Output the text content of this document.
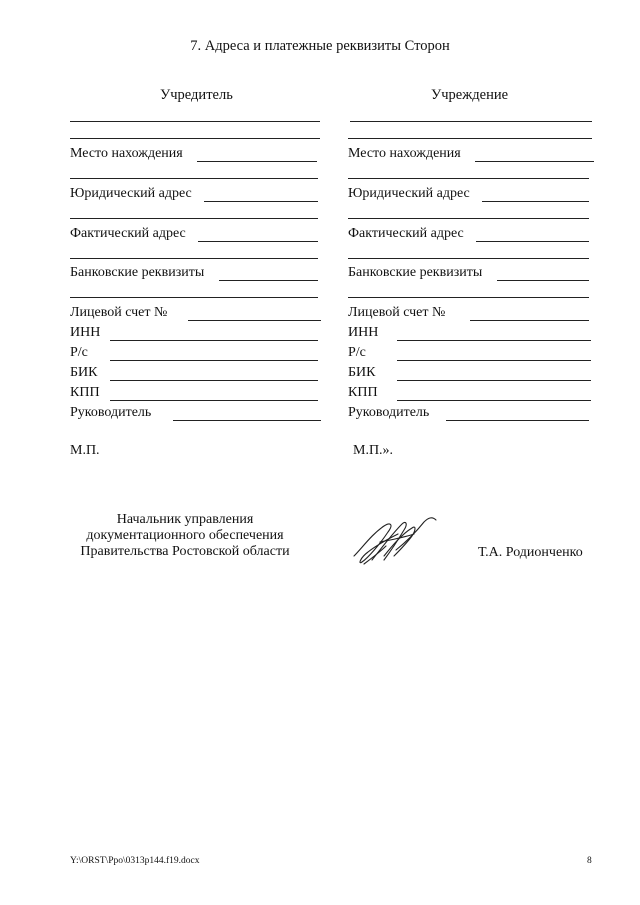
7. Адреса и платежные реквизиты Сторон
Учредитель
Место нахождения
Юридический адрес
Фактический адрес
Банковские реквизиты
Лицевой счет №
ИНН
Р/с
БИК
КПП
Руководитель
М.П.
Учреждение
Место нахождения
Юридический адрес
Фактический адрес
Банковские реквизиты
Лицевой счет №
ИНН
Р/с
БИК
КПП
Руководитель
М.П.».
Начальник управления
документационного обеспечения
Правительства Ростовской области	Т.А. Родионченко
Y:\ORST\Ppo\0313p144.f19.docx	8
